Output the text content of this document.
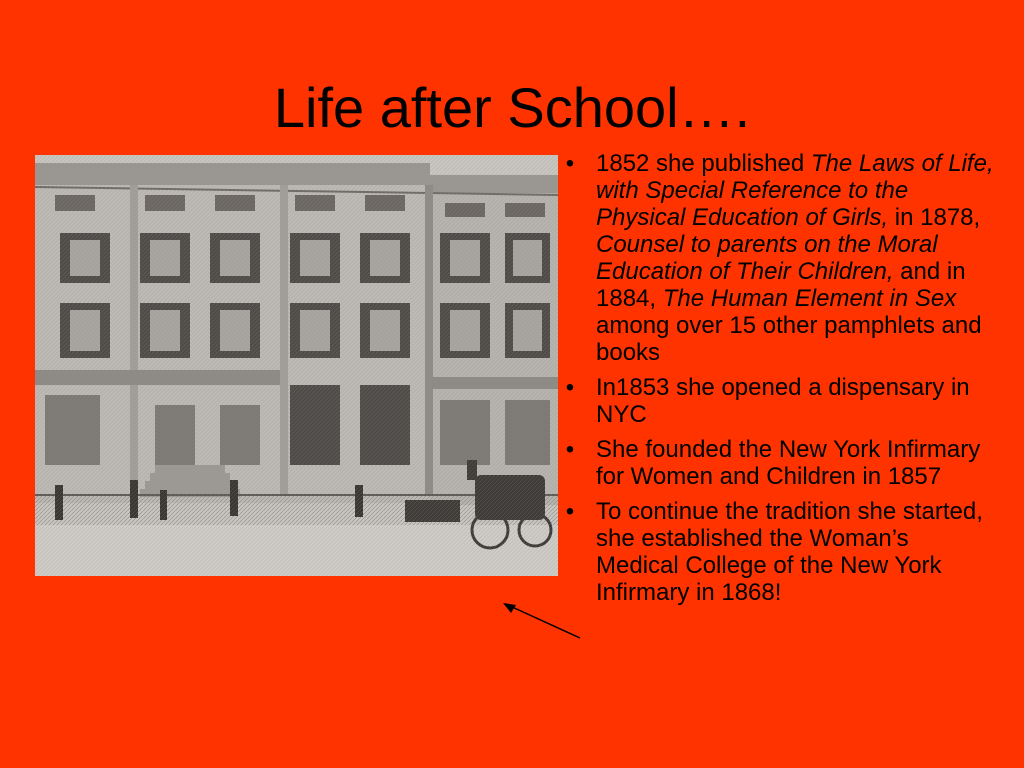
Life after School….
• 1852 she published The Laws of Life, with Special Reference to the Physical Education of Girls, in 1878, Counsel to parents on the Moral Education of Their Children, and in 1884, The Human Element in Sex among over 15 other pamphlets and books
• In1853 she opened a dispensary in NYC
• She founded the New York Infirmary for Women and Children in 1857
• To continue the tradition she started, she established the Woman’s Medical College of the New York Infirmary in 1868!
